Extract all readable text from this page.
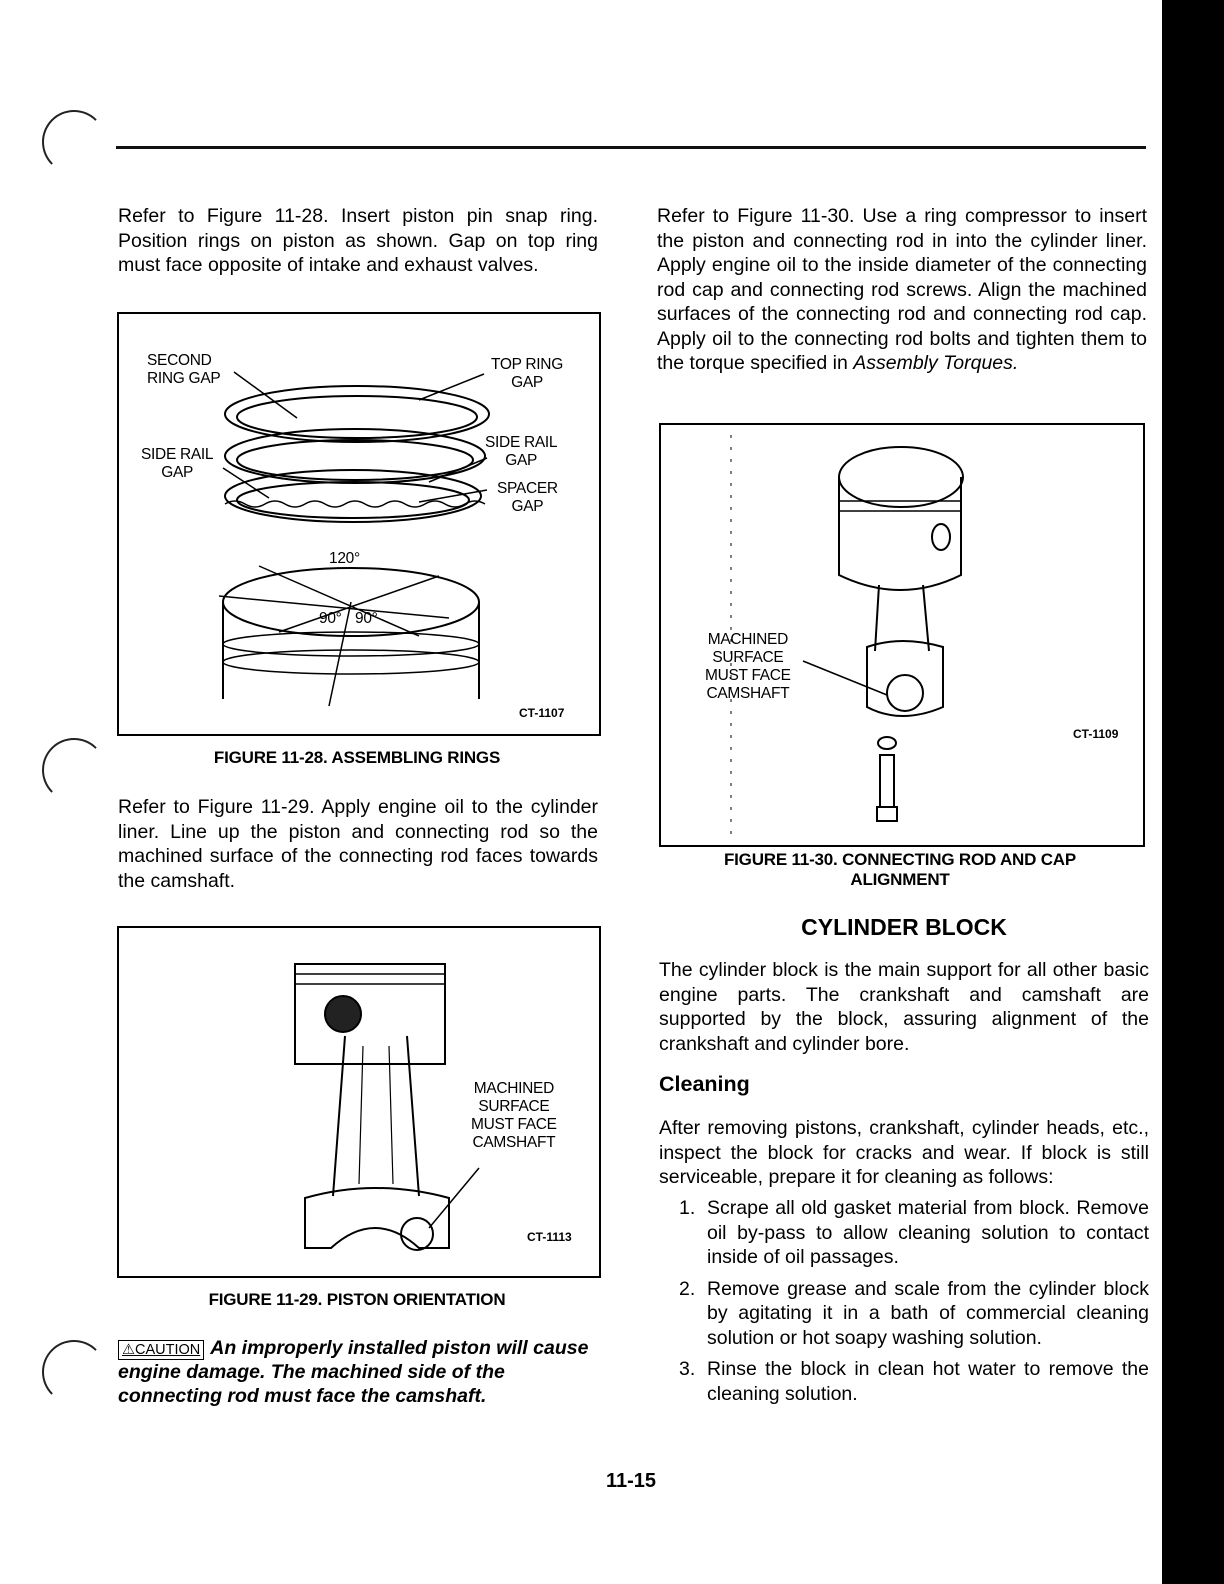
Refer to Figure 11-28. Insert piston pin snap ring. Position rings on piston as shown. Gap on top ring must face opposite of intake and exhaust valves.

SECOND
RING GAP
TOP RING
GAP
SIDE RAIL
GAP
SIDE RAIL
GAP
SPACER
GAP
120°
90° 90°
CT-1107
FIGURE 11-28. ASSEMBLING RINGS

Refer to Figure 11-29. Apply engine oil to the cylinder liner. Line up the piston and connecting rod so the machined surface of the connecting rod faces towards the camshaft.

MACHINED
SURFACE
MUST FACE
CAMSHAFT
CT-1113
FIGURE 11-29. PISTON ORIENTATION
⚠CAUTION An improperly installed piston will cause engine damage. The machined side of the connecting rod must face the camshaft.

Refer to Figure 11-30. Use a ring compressor to insert the piston and connecting rod in into the cylinder liner. Apply engine oil to the inside diameter of the connecting rod cap and connecting rod screws. Align the machined surfaces of the connecting rod and connecting rod cap. Apply oil to the connecting rod bolts and tighten them to the torque specified in Assembly Torques.

MACHINED
SURFACE
MUST FACE
CAMSHAFT
CT-1109
FIGURE 11-30. CONNECTING ROD AND CAP
ALIGNMENT
CYLINDER BLOCK

The cylinder block is the main support for all other basic engine parts. The crankshaft and camshaft are supported by the block, assuring alignment of the crankshaft and cylinder bore.

Cleaning

After removing pistons, crankshaft, cylinder heads, etc., inspect the block for cracks and wear. If block is still serviceable, prepare it for cleaning as follows:

1. Scrape all old gasket material from block. Remove oil by-pass to allow cleaning solution to contact inside of oil passages.
2. Remove grease and scale from the cylinder block by agitating it in a bath of commercial cleaning solution or hot soapy washing solution.
3. Rinse the block in clean hot water to remove the cleaning solution.
11-15
